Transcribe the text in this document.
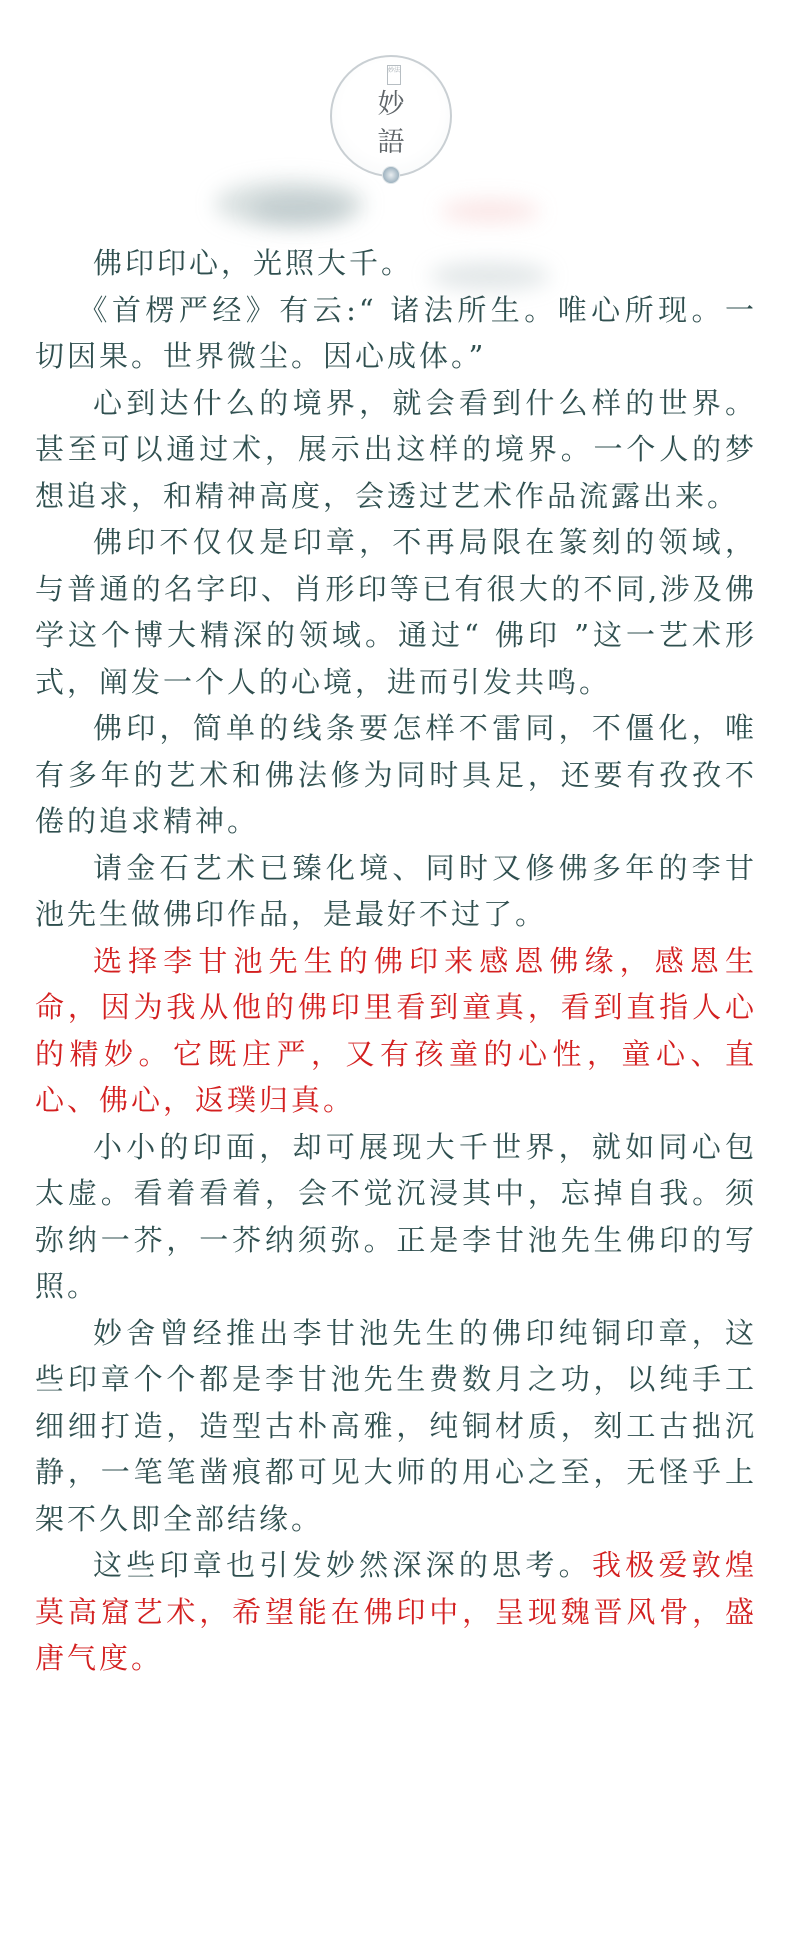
妙法
妙
語

佛印印心，光照大千。

《首楞严经》有云:“ 诸法所生。唯心所现。一切因果。世界微尘。因心成体。”

心到达什么的境界，就会看到什么样的世界。甚至可以通过术，展示出这样的境界。一个人的梦想追求，和精神高度，会透过艺术作品流露出来。

佛印不仅仅是印章，不再局限在篆刻的领域，与普通的名字印、肖形印等已有很大的不同,涉及佛学这个博大精深的领域。通过“ 佛印 ”这一艺术形式，阐发一个人的心境，进而引发共鸣。

佛印，简单的线条要怎样不雷同，不僵化，唯有多年的艺术和佛法修为同时具足，还要有孜孜不倦的追求精神。

请金石艺术已臻化境、同时又修佛多年的李甘池先生做佛印作品，是最好不过了。

选择李甘池先生的佛印来感恩佛缘，感恩生命，因为我从他的佛印里看到童真，看到直指人心的精妙。它既庄严，又有孩童的心性，童心、直心、佛心，返璞归真。

小小的印面，却可展现大千世界，就如同心包太虚。看着看着，会不觉沉浸其中，忘掉自我。须弥纳一芥，一芥纳须弥。正是李甘池先生佛印的写照。

妙舍曾经推出李甘池先生的佛印纯铜印章，这些印章个个都是李甘池先生费数月之功，以纯手工细细打造，造型古朴高雅，纯铜材质，刻工古拙沉静，一笔笔凿痕都可见大师的用心之至，无怪乎上架不久即全部结缘。

这些印章也引发妙然深深的思考。我极爱敦煌莫高窟艺术，希望能在佛印中，呈现魏晋风骨，盛唐气度。
